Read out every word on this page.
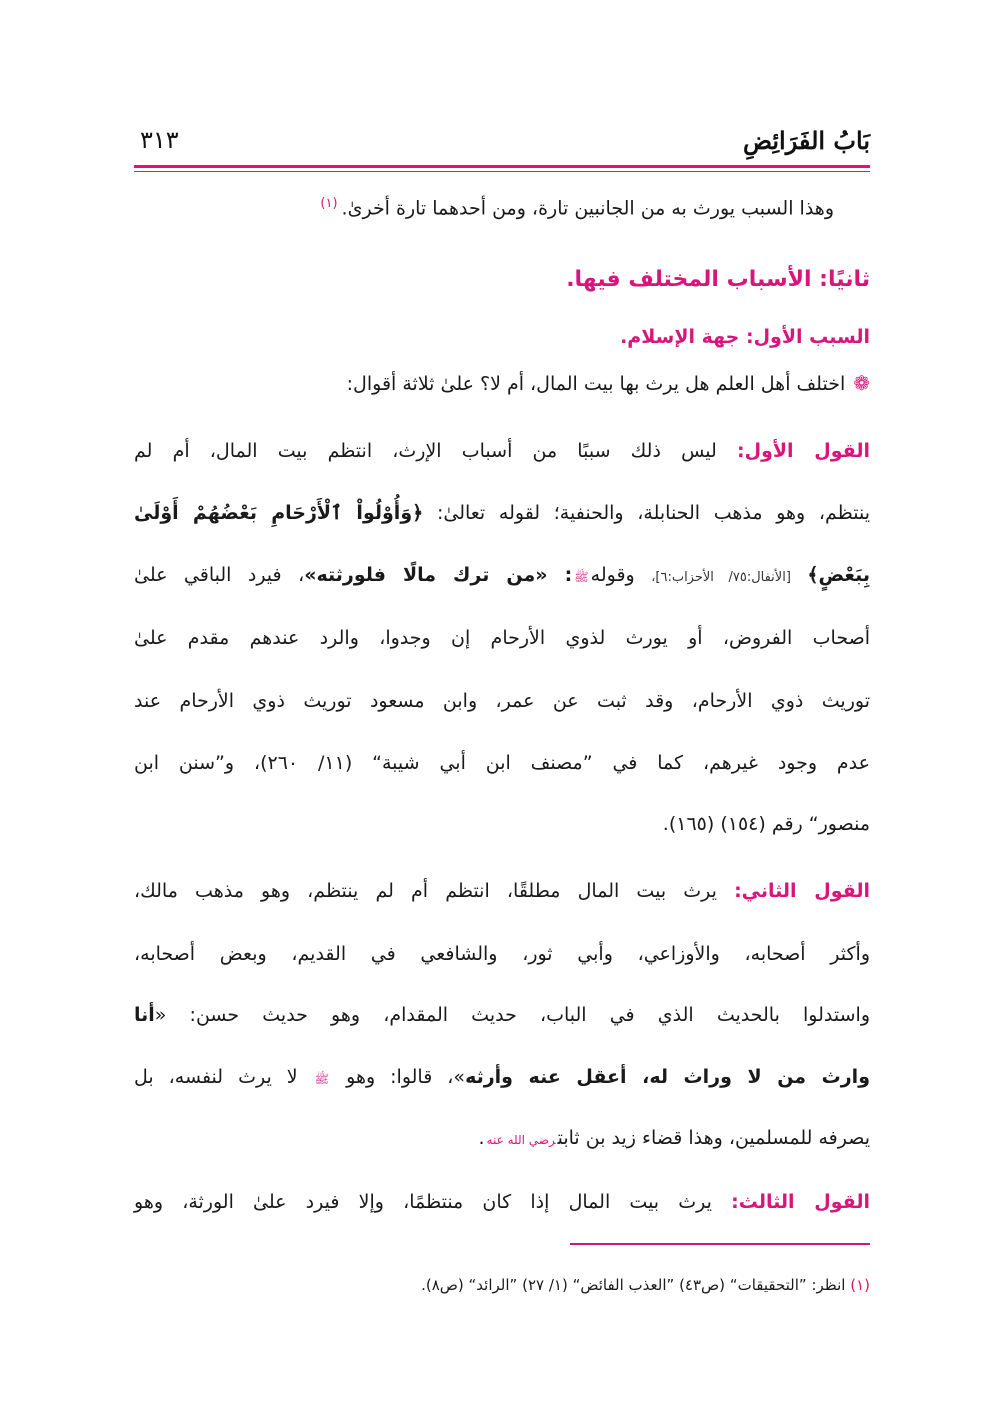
بَابُ الفَرَائِضِ
٣١٣
وهذا السبب يورث به من الجانبين تارة، ومن أحدهما تارة أخرىٰ.$^{(١)}$
ثانيًا: الأسباب المختلف فيها.
السبب الأول: جهة الإسلام.
❁اختلف أهل العلم هل يرث بها بيت المال، أم لا؟ علىٰ ثلاثة أقوال:
القول الأول: ليس ذلك سببًا من أسباب الإرث، انتظم بيت المال، أم لم
ينتظم، وهو مذهب الحنابلة، والحنفية؛ لقوله تعالىٰ: ﴿وَأُوْلُواْ ٱلْأَرْحَامِ بَعْضُهُمْ أَوْلَىٰ
بِبَعْضٍ﴾ [الأنفال:٧٥/ الأحزاب:٦]، وقولهﷺ: «من ترك مالًا فلورثته»، فيرد الباقي علىٰ
أصحاب الفروض، أو يورث لذوي الأرحام إن وجدوا، والرد عندهم مقدم علىٰ
توريث ذوي الأرحام، وقد ثبت عن عمر، وابن مسعود توريث ذوي الأرحام عند
عدم وجود غيرهم، كما في ”مصنف ابن أبي شيبة“ (١١/ ٢٦٠)، و”سنن ابن
منصور“ رقم (١٥٤) (١٦٥).
القول الثاني: يرث بيت المال مطلقًا، انتظم أم لم ينتظم، وهو مذهب مالك،
وأكثر أصحابه، والأوزاعي، وأبي ثور، والشافعي في القديم، وبعض أصحابه،
واستدلوا بالحديث الذي في الباب، حديث المقدام، وهو حديث حسن: «أنا
وارث من لا وراث له، أعقل عنه وأرثه»، قالوا: وهو ﷺ لا يرث لنفسه، بل
يصرفه للمسلمين، وهذا قضاء زيد بن ثابترضي الله عنه.
القول الثالث: يرث بيت المال إذا كان منتظمًا، وإلا فيرد علىٰ الورثة، وهو
(١) انظر: ”التحقيقات“ (ص٤٣) ”العذب الفائض“ (١/ ٢٧) ”الرائد“ (ص٨).
